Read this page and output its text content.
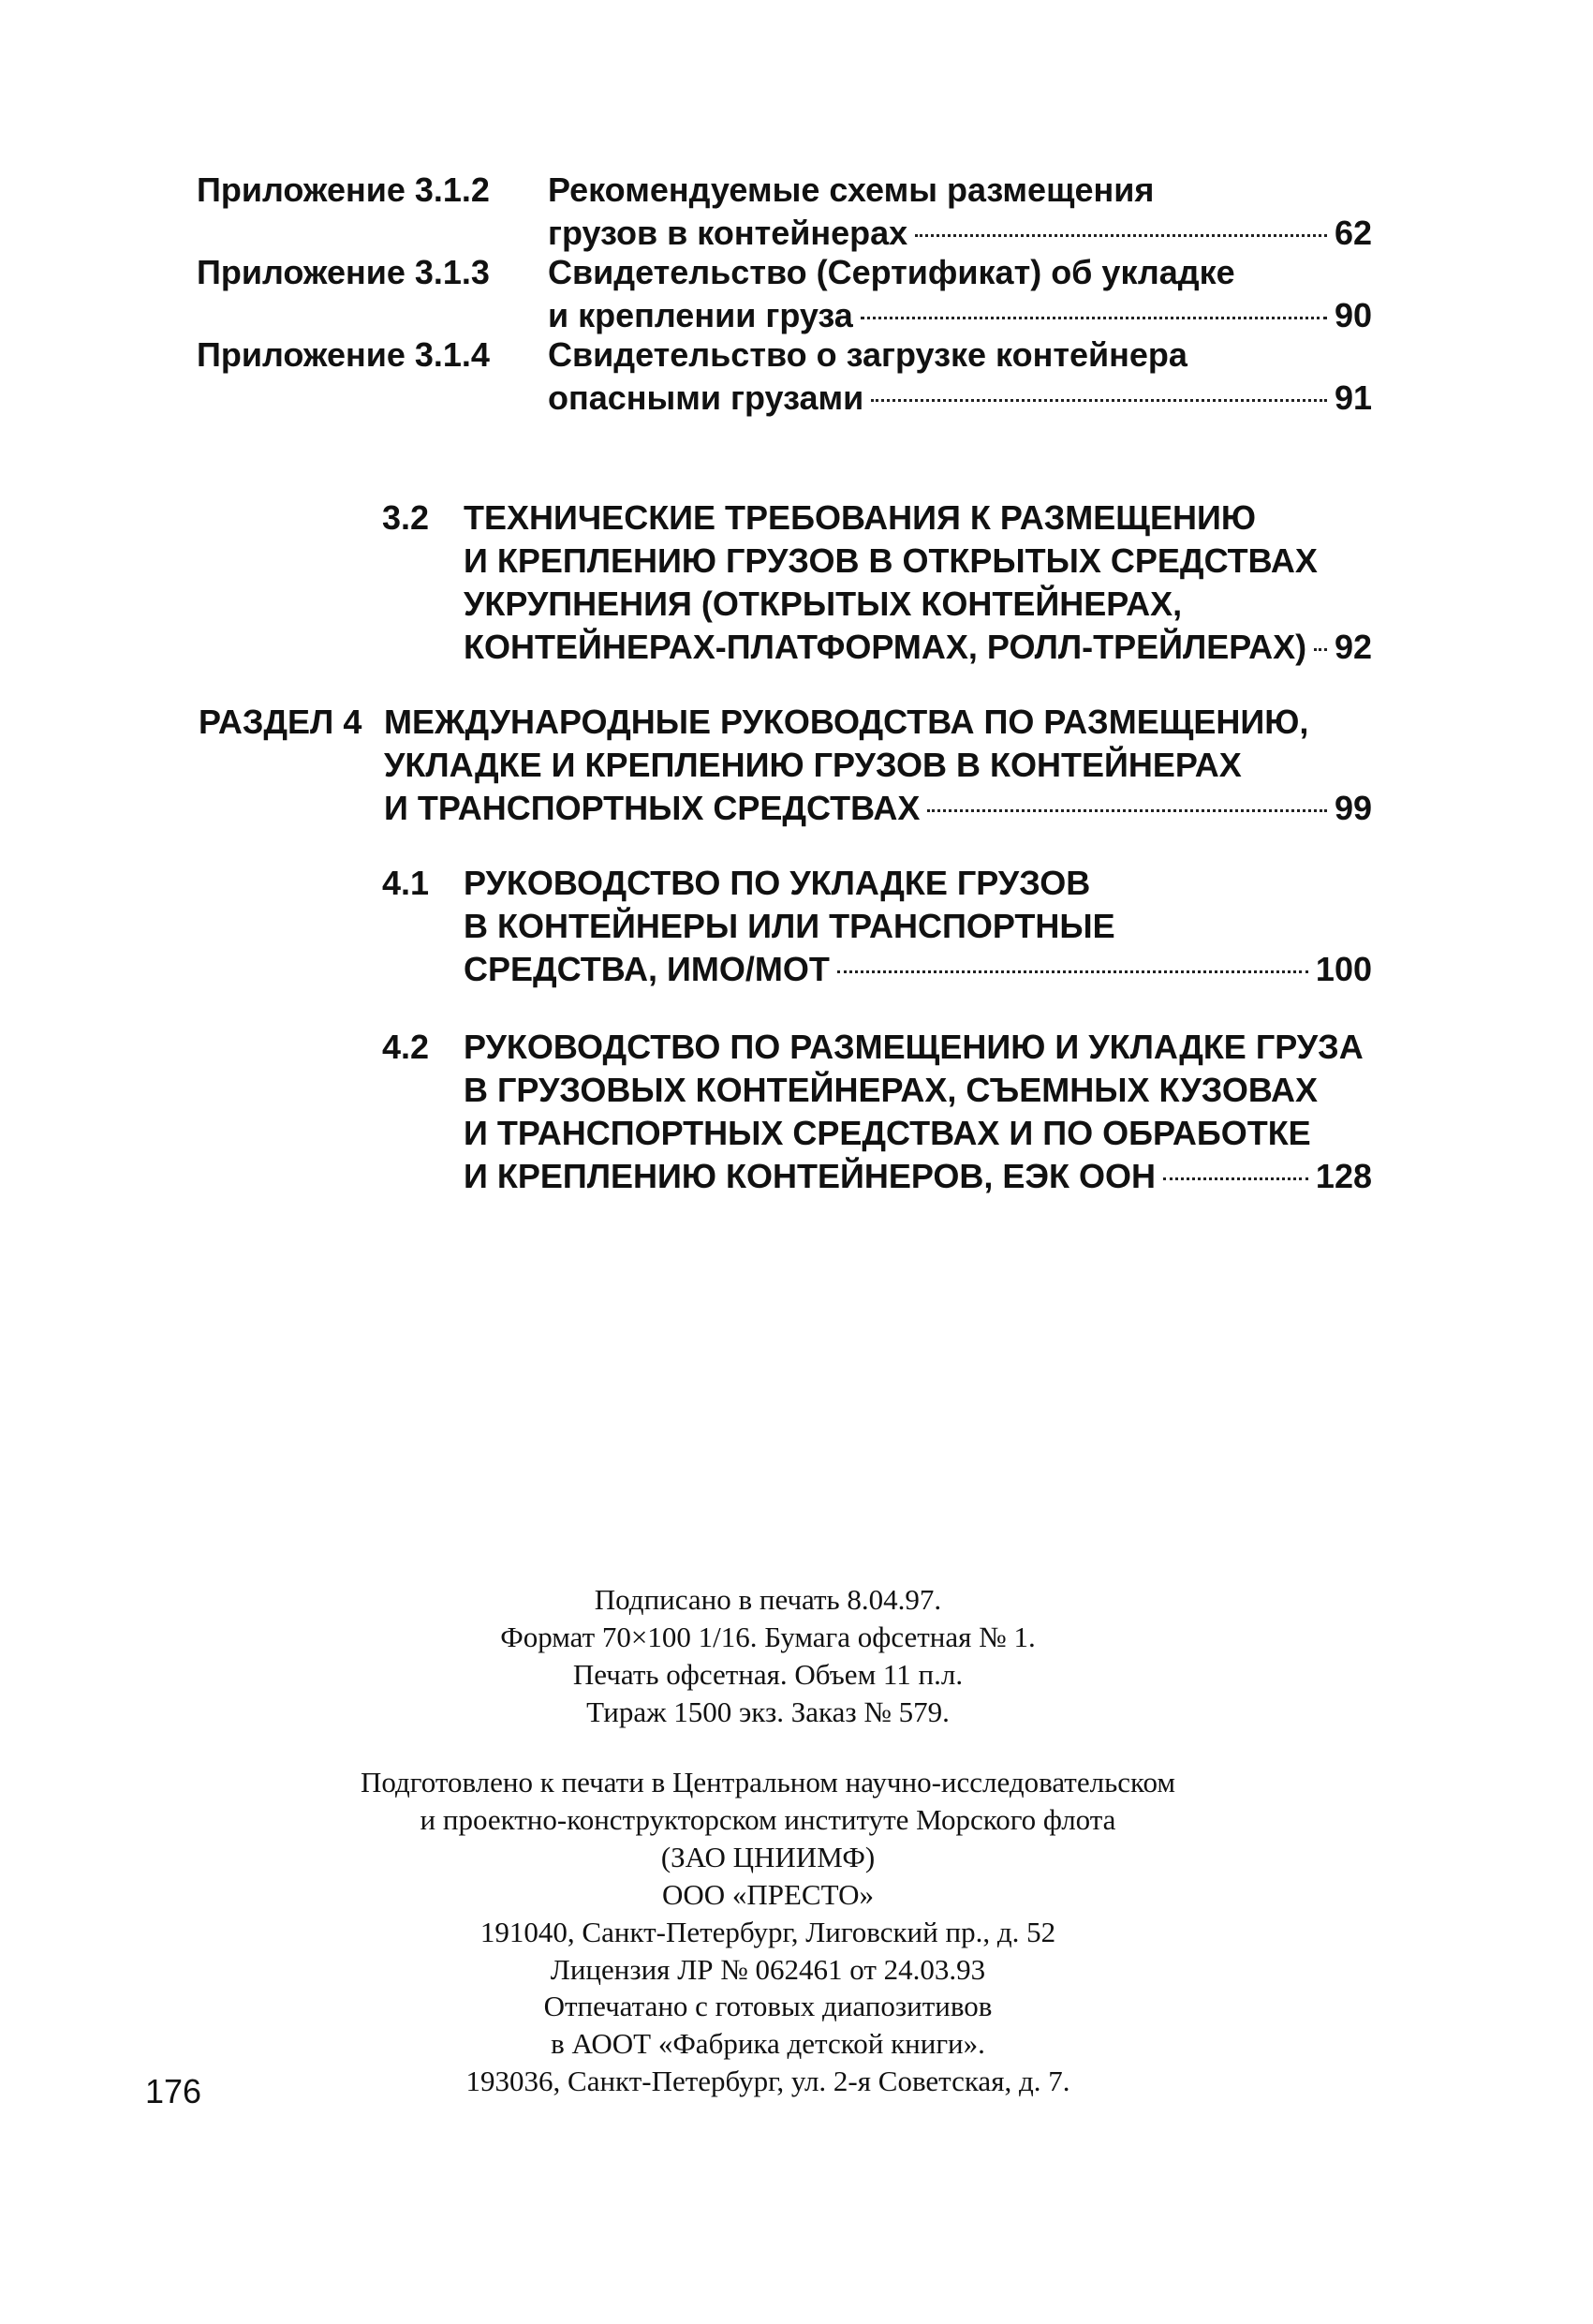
Приложение 3.1.2 Рекомендуемые схемы размещения
грузов в контейнерах	62
Приложение 3.1.3 Свидетельство (Сертификат) об укладке
и креплении груза	90
Приложение 3.1.4 Свидетельство о загрузке контейнера
опасными грузами	91
3.2 ТЕХНИЧЕСКИЕ ТРЕБОВАНИЯ К РАЗМЕЩЕНИЮ
И КРЕПЛЕНИЮ ГРУЗОВ В ОТКРЫТЫХ СРЕДСТВАХ
УКРУПНЕНИЯ (ОТКРЫТЫХ КОНТЕЙНЕРАХ,
КОНТЕЙНЕРАХ-ПЛАТФОРМАХ, РОЛЛ-ТРЕЙЛЕРАХ) 92
РАЗДЕЛ 4 МЕЖДУНАРОДНЫЕ РУКОВОДСТВА ПО РАЗМЕЩЕНИЮ,
УКЛАДКЕ И КРЕПЛЕНИЮ ГРУЗОВ В КОНТЕЙНЕРАХ
И ТРАНСПОРТНЫХ СРЕДСТВАХ	99
4.1 РУКОВОДСТВО ПО УКЛАДКЕ ГРУЗОВ
В КОНТЕЙНЕРЫ ИЛИ ТРАНСПОРТНЫЕ
СРЕДСТВА, ИМО/МОТ	100
4.2 РУКОВОДСТВО ПО РАЗМЕЩЕНИЮ И УКЛАДКЕ ГРУЗА
В ГРУЗОВЫХ КОНТЕЙНЕРАХ, СЪЕМНЫХ КУЗОВАХ
И ТРАНСПОРТНЫХ СРЕДСТВАХ И ПО ОБРАБОТКЕ
И КРЕПЛЕНИЮ КОНТЕЙНЕРОВ, ЕЭК ООН	128
Подписано в печать 8.04.97.
Формат 70×100 1/16. Бумага офсетная № 1.
Печать офсетная. Объем 11 п.л.
Тираж 1500 экз. Заказ № 579.
Подготовлено к печати в Центральном научно-исследовательском
и проектно-конструкторском институте Морского флота
(ЗАО ЦНИИМФ)
ООО «ПРЕСТО»
191040, Санкт-Петербург, Лиговский пр., д. 52
Лицензия ЛР № 062461 от 24.03.93
Отпечатано с готовых диапозитивов
в АООТ «Фабрика детской книги».
193036, Санкт-Петербург, ул. 2-я Советская, д. 7.
176
